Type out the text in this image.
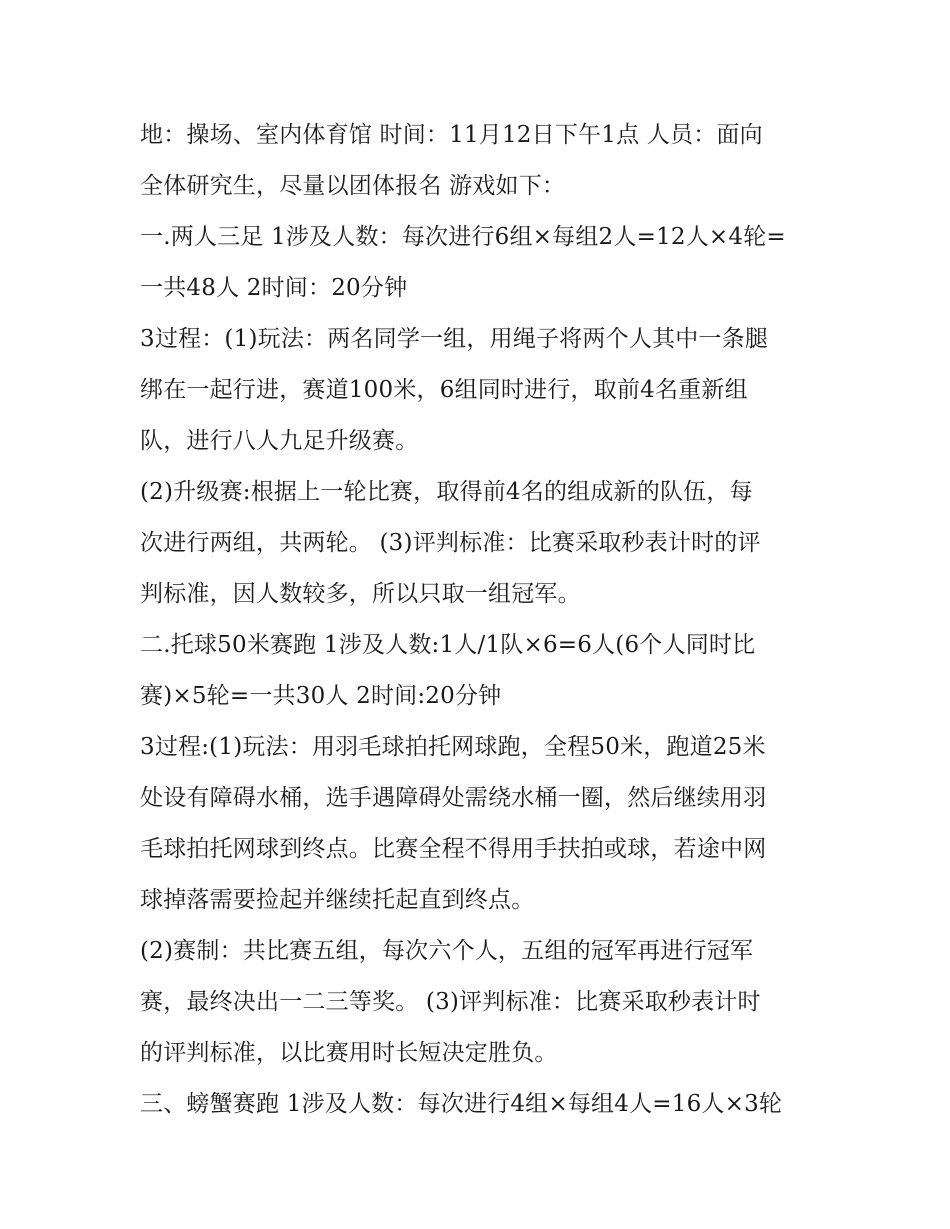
地：操场、室内体育馆 时间：11月12日下午1点 人员：面向
全体研究生，尽量以团体报名 游戏如下：
一.两人三足 1涉及人数：每次进行6组×每组2人=12人×4轮=
一共48人 2时间：20分钟
3过程：(1)玩法：两名同学一组，用绳子将两个人其中一条腿
绑在一起行进，赛道100米，6组同时进行，取前4名重新组
队，进行八人九足升级赛。
(2)升级赛:根据上一轮比赛，取得前4名的组成新的队伍，每
次进行两组，共两轮。 (3)评判标准：比赛采取秒表计时的评
判标准，因人数较多，所以只取一组冠军。
二.托球50米赛跑 1涉及人数:1人/1队×6=6人(6个人同时比
赛)×5轮=一共30人 2时间:20分钟
3过程:(1)玩法：用羽毛球拍托网球跑，全程50米，跑道25米
处设有障碍水桶，选手遇障碍处需绕水桶一圈，然后继续用羽
毛球拍托网球到终点。比赛全程不得用手扶拍或球，若途中网
球掉落需要捡起并继续托起直到终点。
(2)赛制：共比赛五组，每次六个人，五组的冠军再进行冠军
赛，最终决出一二三等奖。 (3)评判标准：比赛采取秒表计时
的评判标准，以比赛用时长短决定胜负。
三、螃蟹赛跑 1涉及人数：每次进行4组×每组4人=16人×3轮
